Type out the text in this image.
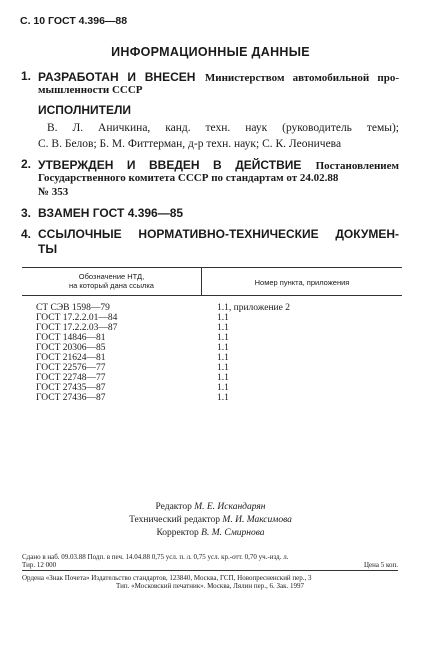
С. 10 ГОСТ 4.396—88
ИНФОРМАЦИОННЫЕ ДАННЫЕ
1. РАЗРАБОТАН И ВНЕСЕН Министерством автомобильной про-
мышленности СССР
ИСПОЛНИТЕЛИ
В. Л. Аничкина, канд. техн. наук (руководитель темы);
С. В. Белов; Б. М. Фиттерман, д-р техн. наук; С. К. Леоничева
2. УТВЕРЖДЕН И ВВЕДЕН В ДЕЙСТВИЕ Постановлением
Государственного комитета СССР по стандартам от 24.02.88
№ 353
3. ВЗАМЕН ГОСТ 4.396—85
4. ССЫЛОЧНЫЕ НОРМАТИВНО-ТЕХНИЧЕСКИЕ ДОКУМЕН-
ТЫ
Обозначение НТД,
на который дана ссылка	Номер пункта, приложения
СТ СЭВ 1598—79	1.1, приложение 2
ГОСТ 17.2.2.01—84	1.1
ГОСТ 17.2.2.03—87	1.1
ГОСТ 14846—81	1.1
ГОСТ 20306—85	1.1
ГОСТ 21624—81	1.1
ГОСТ 22576—77	1.1
ГОСТ 22748—77	1.1
ГОСТ 27435—87	1.1
ГОСТ 27436—87	1.1
Редактор М. Е. Искандарян
Технический редактор М. И. Максимова
Корректор В. М. Смирнова
Сдано в наб. 09.03.88 Подп. в печ. 14.04.88 0,75 усл. п. л. 0,75 усл. кр.-отт. 0,70 уч.-изд. л.
Тир. 12 000	Цена 5 коп.
Ордена «Знак Почета» Издательство стандартов, 123840, Москва, ГСП, Новопресненский пер., 3
Тип. «Московский печатник». Москва, Лялин пер., 6. Зак. 1997
